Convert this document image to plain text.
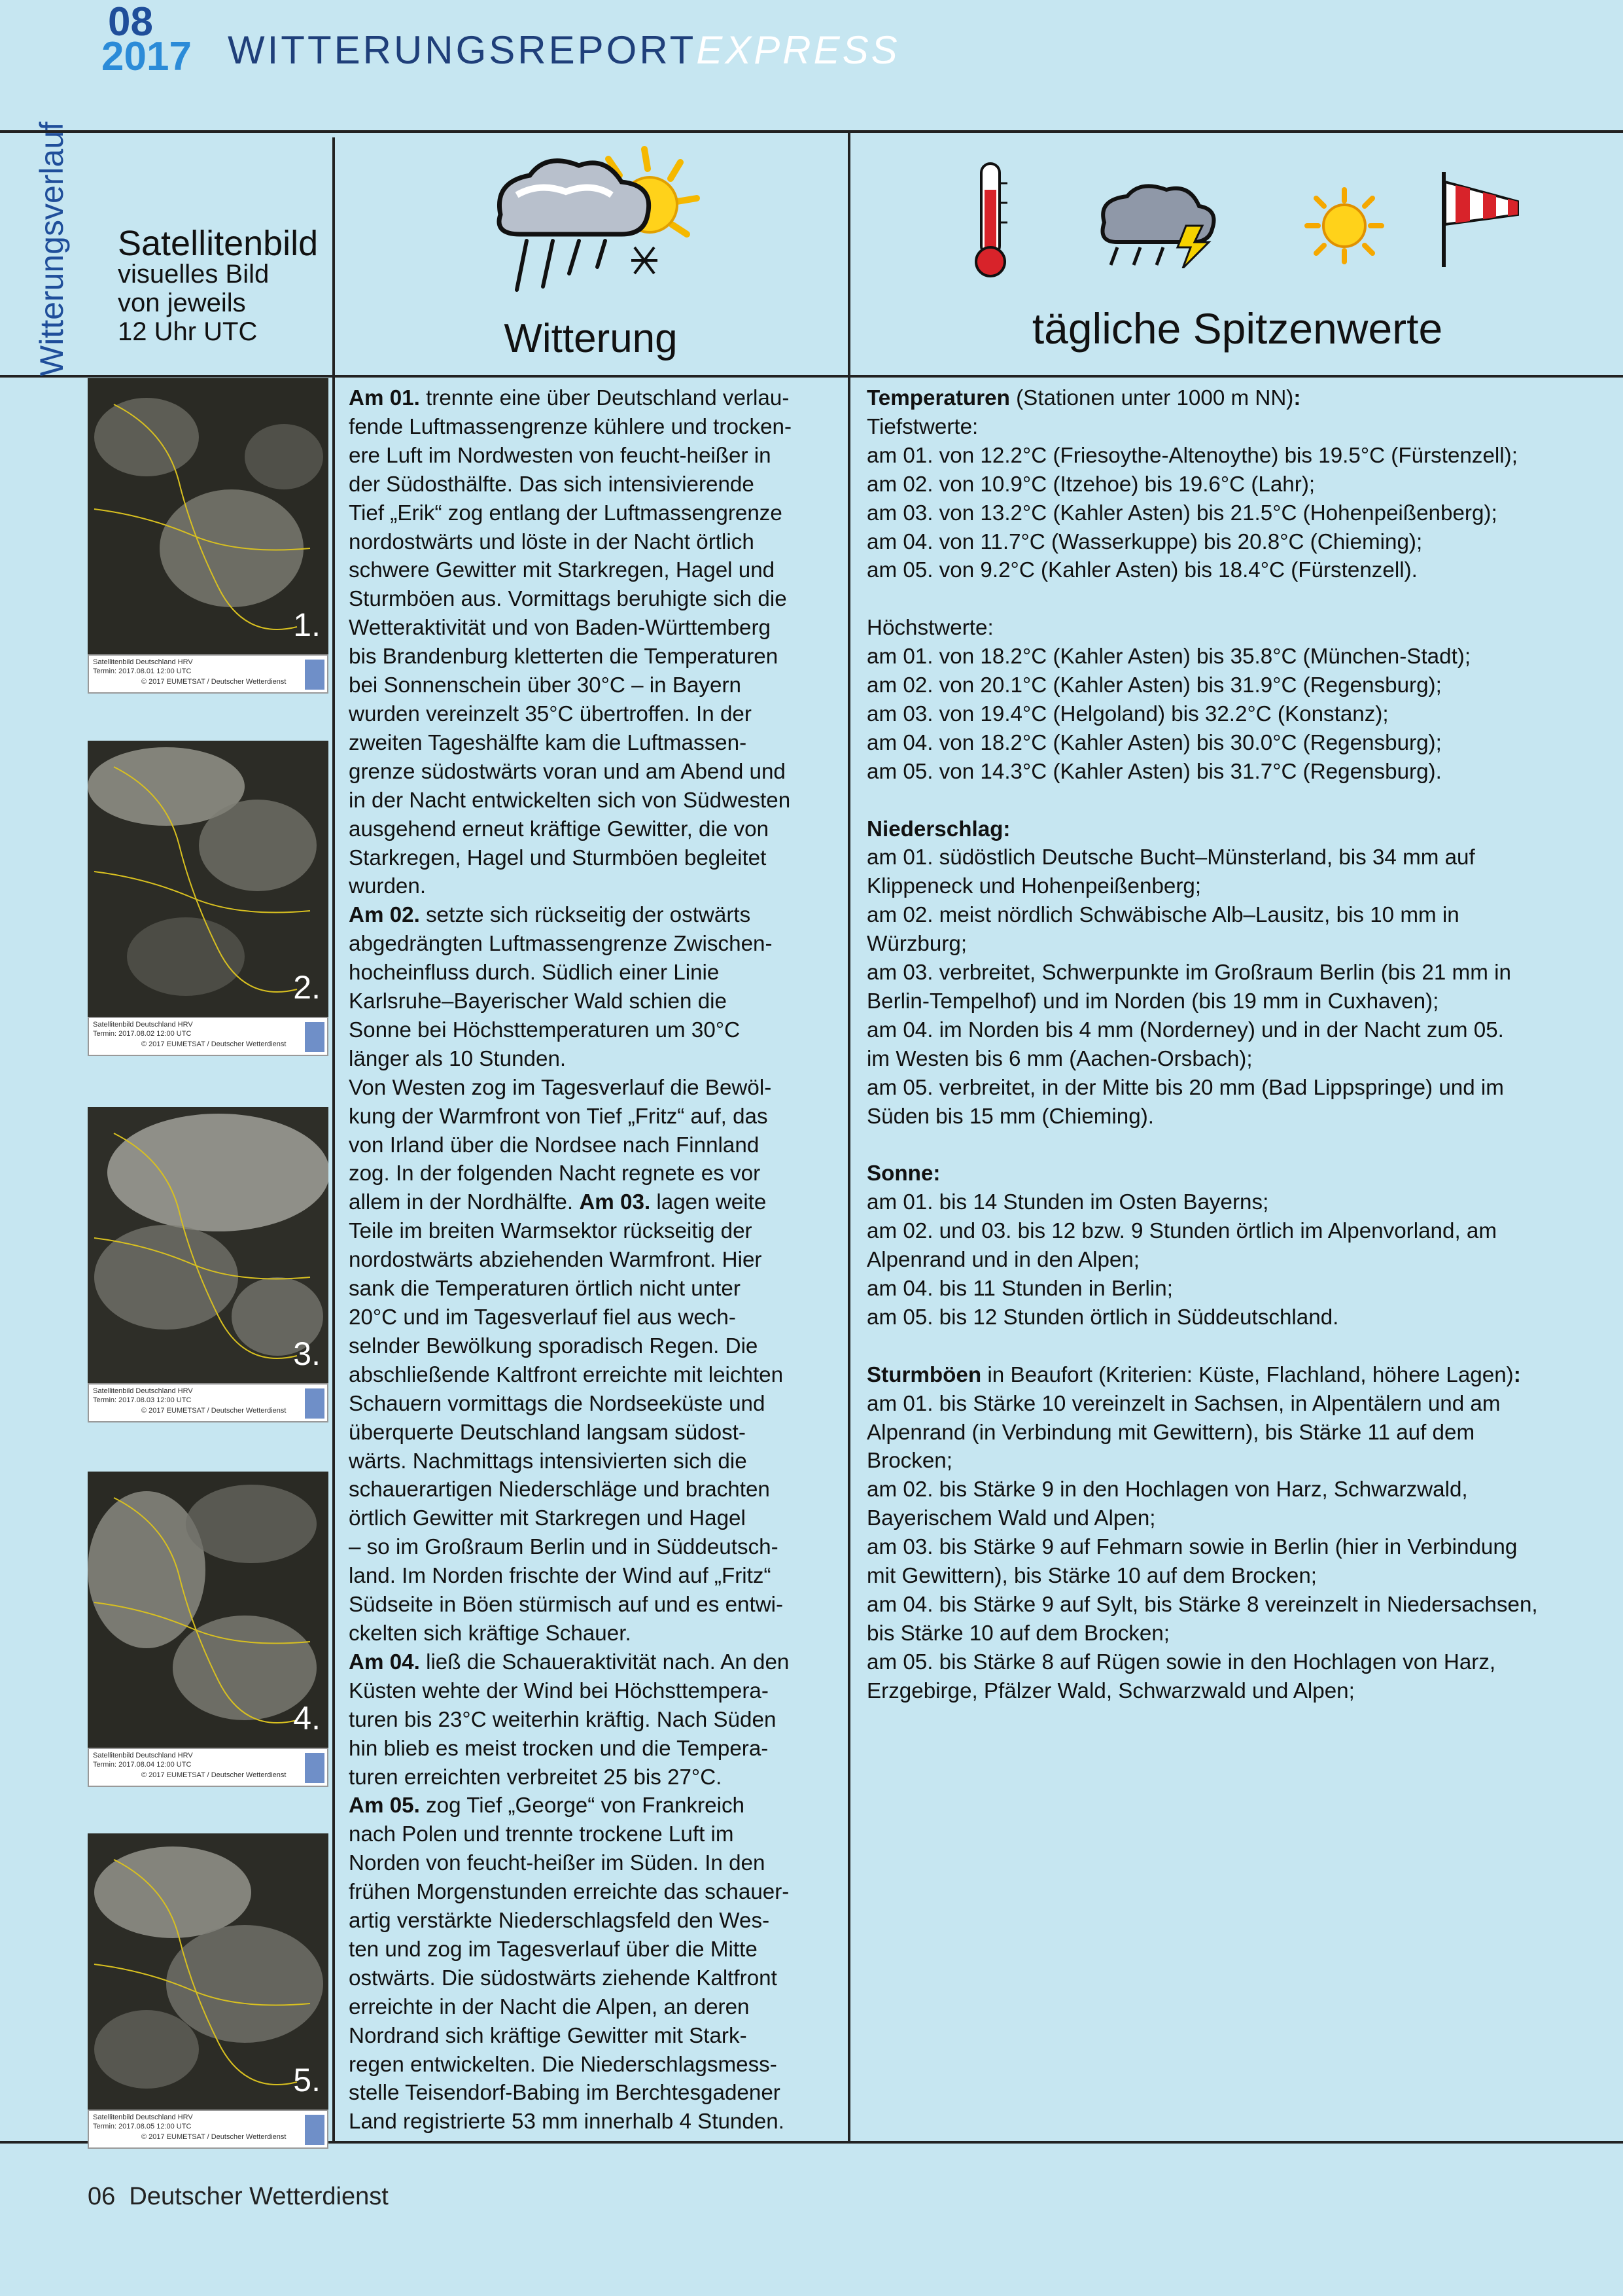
08
2017 WITTERUNGSREPORTEXPRESS
Witterungsverlauf Satellitenbild
visuelles Bild
von jeweils
12 Uhr UTC	Witterung	tägliche Spitzenwerte
1.
Satellitenbild Deutschland HRV
Termin: 2017.08.01 12:00 UTC
© 2017 EUMETSAT / Deutscher Wetterdienst
2.
Satellitenbild Deutschland HRV
Termin: 2017.08.02 12:00 UTC
© 2017 EUMETSAT / Deutscher Wetterdienst
3.
Satellitenbild Deutschland HRV
Termin: 2017.08.03 12:00 UTC
© 2017 EUMETSAT / Deutscher Wetterdienst
4.
Satellitenbild Deutschland HRV
Termin: 2017.08.04 12:00 UTC
© 2017 EUMETSAT / Deutscher Wetterdienst
5.
Satellitenbild Deutschland HRV
Termin: 2017.08.05 12:00 UTC
© 2017 EUMETSAT / Deutscher Wetterdienst
Am 01. trennte eine über Deutschland verlau-
fende Luftmassengrenze kühlere und trocken-
ere Luft im Nordwesten von feucht-heißer in
der Südosthälfte. Das sich intensivierende
Tief „Erik“ zog entlang der Luftmassengrenze
nordostwärts und löste in der Nacht örtlich
schwere Gewitter mit Starkregen, Hagel und
Sturmböen aus. Vormittags beruhigte sich die
Wetteraktivität und von Baden-Württemberg
bis Brandenburg kletterten die Temperaturen
bei Sonnenschein über 30°C – in Bayern
wurden vereinzelt 35°C übertroffen. In der
zweiten Tageshälfte kam die Luftmassen-
grenze südostwärts voran und am Abend und
in der Nacht entwickelten sich von Südwesten
ausgehend erneut kräftige Gewitter, die von
Starkregen, Hagel und Sturmböen begleitet
wurden.
Am 02. setzte sich rückseitig der ostwärts
abgedrängten Luftmassengrenze Zwischen-
hocheinfluss durch. Südlich einer Linie
Karlsruhe–Bayerischer Wald schien die
Sonne bei Höchsttemperaturen um 30°C
länger als 10 Stunden.
Von Westen zog im Tagesverlauf die Bewöl-
kung der Warmfront von Tief „Fritz“ auf, das
von Irland über die Nordsee nach Finnland
zog. In der folgenden Nacht regnete es vor
allem in der Nordhälfte. Am 03. lagen weite
Teile im breiten Warmsektor rückseitig der
nordostwärts abziehenden Warmfront. Hier
sank die Temperaturen örtlich nicht unter
20°C und im Tagesverlauf fiel aus wech-
selnder Bewölkung sporadisch Regen. Die
abschließende Kaltfront erreichte mit leichten
Schauern vormittags die Nordseeküste und
überquerte Deutschland langsam südost-
wärts. Nachmittags intensivierten sich die
schauerartigen Niederschläge und brachten
örtlich Gewitter mit Starkregen und Hagel
– so im Großraum Berlin und in Süddeutsch-
land. Im Norden frischte der Wind auf „Fritz“
Südseite in Böen stürmisch auf und es entwi-
ckelten sich kräftige Schauer.
Am 04. ließ die Schaueraktivität nach. An den
Küsten wehte der Wind bei Höchsttempera-
turen bis 23°C weiterhin kräftig. Nach Süden
hin blieb es meist trocken und die Tempera-
turen erreichten verbreitet 25 bis 27°C.
Am 05. zog Tief „George“ von Frankreich
nach Polen und trennte trockene Luft im
Norden von feucht-heißer im Süden. In den
frühen Morgenstunden erreichte das schauer-
artig verstärkte Niederschlagsfeld den Wes-
ten und zog im Tagesverlauf über die Mitte
ostwärts. Die südostwärts ziehende Kaltfront
erreichte in der Nacht die Alpen, an deren
Nordrand sich kräftige Gewitter mit Stark-
regen entwickelten. Die Niederschlagsmess-
stelle Teisendorf-Babing im Berchtesgadener
Land registrierte 53 mm innerhalb 4 Stunden.
Temperaturen (Stationen unter 1000 m NN):
Tiefstwerte:
am 01. von 12.2°C (Friesoythe-Altenoythe) bis 19.5°C (Fürstenzell);
am 02. von 10.9°C (Itzehoe) bis 19.6°C (Lahr);
am 03. von 13.2°C (Kahler Asten) bis 21.5°C (Hohenpeißenberg);
am 04. von 11.7°C (Wasserkuppe) bis 20.8°C (Chieming);
am 05. von 9.2°C (Kahler Asten) bis 18.4°C (Fürstenzell).
Höchstwerte:
am 01. von 18.2°C (Kahler Asten) bis 35.8°C (München-Stadt);
am 02. von 20.1°C (Kahler Asten) bis 31.9°C (Regensburg);
am 03. von 19.4°C (Helgoland) bis 32.2°C (Konstanz);
am 04. von 18.2°C (Kahler Asten) bis 30.0°C (Regensburg);
am 05. von 14.3°C (Kahler Asten) bis 31.7°C (Regensburg).
Niederschlag:
am 01. südöstlich Deutsche Bucht–Münsterland, bis 34 mm auf
Klippeneck und Hohenpeißenberg;
am 02. meist nördlich Schwäbische Alb–Lausitz, bis 10 mm in
Würzburg;
am 03. verbreitet, Schwerpunkte im Großraum Berlin (bis 21 mm in
Berlin-Tempelhof) und im Norden (bis 19 mm in Cuxhaven);
am 04. im Norden bis 4 mm (Norderney) und in der Nacht zum 05.
im Westen bis 6 mm (Aachen-Orsbach);
am 05. verbreitet, in der Mitte bis 20 mm (Bad Lippspringe) und im
Süden bis 15 mm (Chieming).
Sonne:
am 01. bis 14 Stunden im Osten Bayerns;
am 02. und 03. bis 12 bzw. 9 Stunden örtlich im Alpenvorland, am
Alpenrand und in den Alpen;
am 04. bis 11 Stunden in Berlin;
am 05. bis 12 Stunden örtlich in Süddeutschland.
Sturmböen in Beaufort (Kriterien: Küste, Flachland, höhere Lagen):
am 01. bis Stärke 10 vereinzelt in Sachsen, in Alpentälern und am
Alpenrand (in Verbindung mit Gewittern), bis Stärke 11 auf dem
Brocken;
am 02. bis Stärke 9 in den Hochlagen von Harz, Schwarzwald,
Bayerischem Wald und Alpen;
am 03. bis Stärke 9 auf Fehmarn sowie in Berlin (hier in Verbindung
mit Gewittern), bis Stärke 10 auf dem Brocken;
am 04. bis Stärke 9 auf Sylt, bis Stärke 8 vereinzelt in Niedersachsen,
bis Stärke 10 auf dem Brocken;
am 05. bis Stärke 8 auf Rügen sowie in den Hochlagen von Harz,
Erzgebirge, Pfälzer Wald, Schwarzwald und Alpen;
06 Deutscher Wetterdienst
